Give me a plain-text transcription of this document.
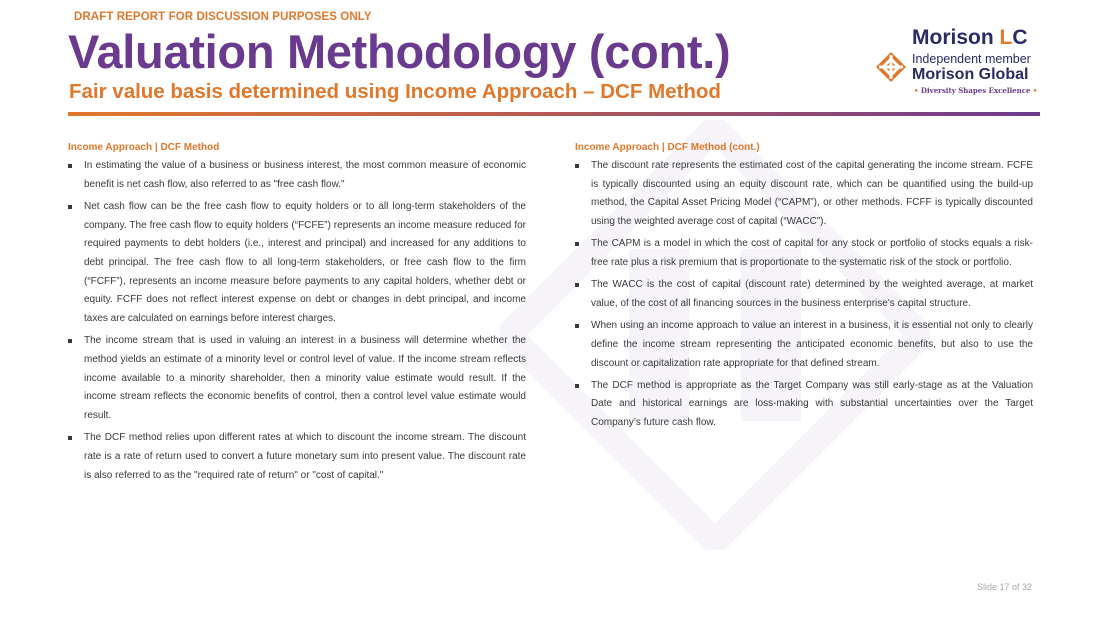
DRAFT REPORT FOR DISCUSSION PURPOSES ONLY
Valuation Methodology (cont.)
Fair value basis determined using Income Approach – DCF Method
Morison LC
Independent member
Morison Global
• Diversity Shapes Excellence •
Income Approach | DCF Method
In estimating the value of a business or business interest, the most common measure of economic benefit is net cash flow, also referred to as "free cash flow."
Net cash flow can be the free cash flow to equity holders or to all long-term stakeholders of the company. The free cash flow to equity holders (“FCFE”) represents an income measure reduced for required payments to debt holders (i.e., interest and principal) and increased for any additions to debt principal. The free cash flow to all long-term stakeholders, or free cash flow to the firm (“FCFF”), represents an income measure before payments to any capital holders, whether debt or equity. FCFF does not reflect interest expense on debt or changes in debt principal, and income taxes are calculated on earnings before interest charges.
The income stream that is used in valuing an interest in a business will determine whether the method yields an estimate of a minority level or control level of value. If the income stream reflects income available to a minority shareholder, then a minority value estimate would result. If the income stream reflects the economic benefits of control, then a control level value estimate would result.
The DCF method relies upon different rates at which to discount the income stream. The discount rate is a rate of return used to convert a future monetary sum into present value. The discount rate is also referred to as the "required rate of return" or "cost of capital."
Income Approach | DCF Method (cont.)
The discount rate represents the estimated cost of the capital generating the income stream. FCFE is typically discounted using an equity discount rate, which can be quantified using the build-up method, the Capital Asset Pricing Model (“CAPM”), or other methods. FCFF is typically discounted using the weighted average cost of capital (“WACC”).
The CAPM is a model in which the cost of capital for any stock or portfolio of stocks equals a risk-free rate plus a risk premium that is proportionate to the systematic risk of the stock or portfolio.
The WACC is the cost of capital (discount rate) determined by the weighted average, at market value, of the cost of all financing sources in the business enterprise's capital structure.
When using an income approach to value an interest in a business, it is essential not only to clearly define the income stream representing the anticipated economic benefits, but also to use the discount or capitalization rate appropriate for that defined stream.
The DCF method is appropriate as the Target Company was still early-stage as at the Valuation Date and historical earnings are loss-making with substantial uncertainties over the Target Company’s future cash flow.
Slide 17 of 32
